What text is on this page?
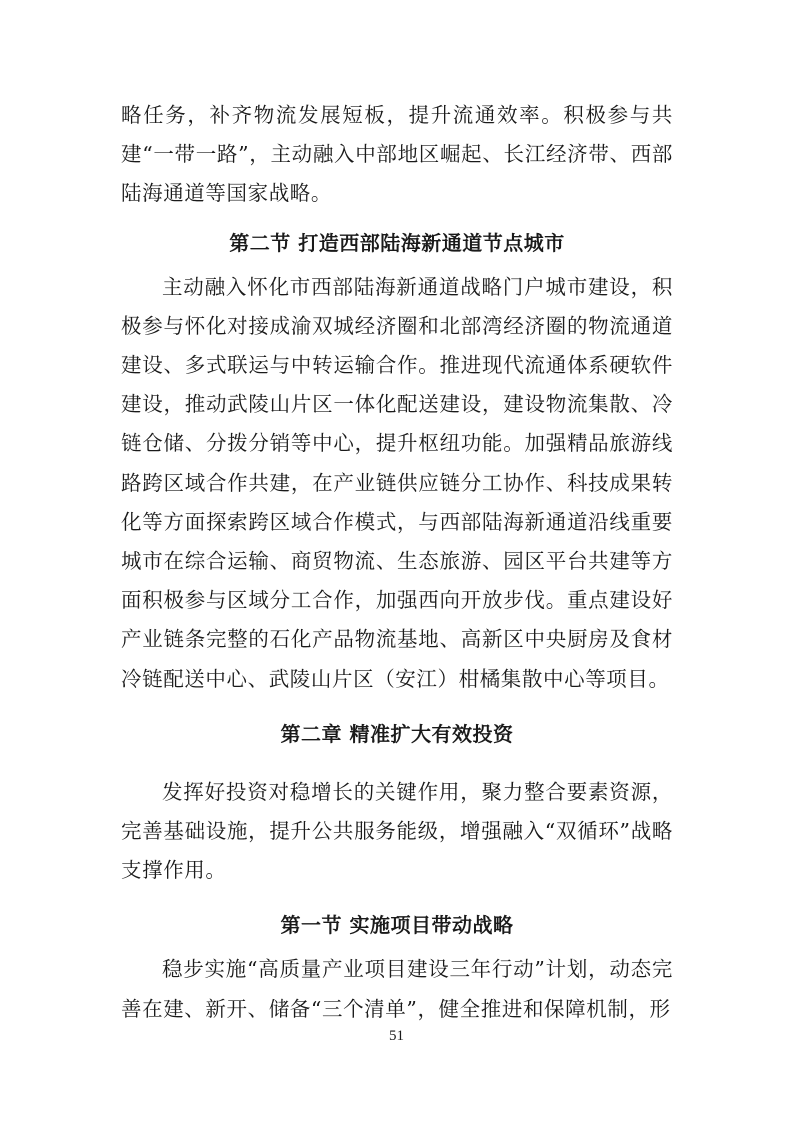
略任务，补齐物流发展短板，提升流通效率。积极参与共建“一带一路”，主动融入中部地区崛起、长江经济带、西部陆海通道等国家战略。

第二节 打造西部陆海新通道节点城市

主动融入怀化市西部陆海新通道战略门户城市建设，积极参与怀化对接成渝双城经济圈和北部湾经济圈的物流通道建设、多式联运与中转运输合作。推进现代流通体系硬软件建设，推动武陵山片区一体化配送建设，建设物流集散、冷链仓储、分拨分销等中心，提升枢纽功能。加强精品旅游线路跨区域合作共建，在产业链供应链分工协作、科技成果转化等方面探索跨区域合作模式，与西部陆海新通道沿线重要城市在综合运输、商贸物流、生态旅游、园区平台共建等方面积极参与区域分工合作，加强西向开放步伐。重点建设好产业链条完整的石化产品物流基地、高新区中央厨房及食材冷链配送中心、武陵山片区（安江）柑橘集散中心等项目。

第二章 精准扩大有效投资

发挥好投资对稳增长的关键作用，聚力整合要素资源，完善基础设施，提升公共服务能级，增强融入“双循环”战略支撑作用。

第一节 实施项目带动战略

稳步实施“高质量产业项目建设三年行动”计划，动态完善在建、新开、储备“三个清单”，健全推进和保障机制，形

51
